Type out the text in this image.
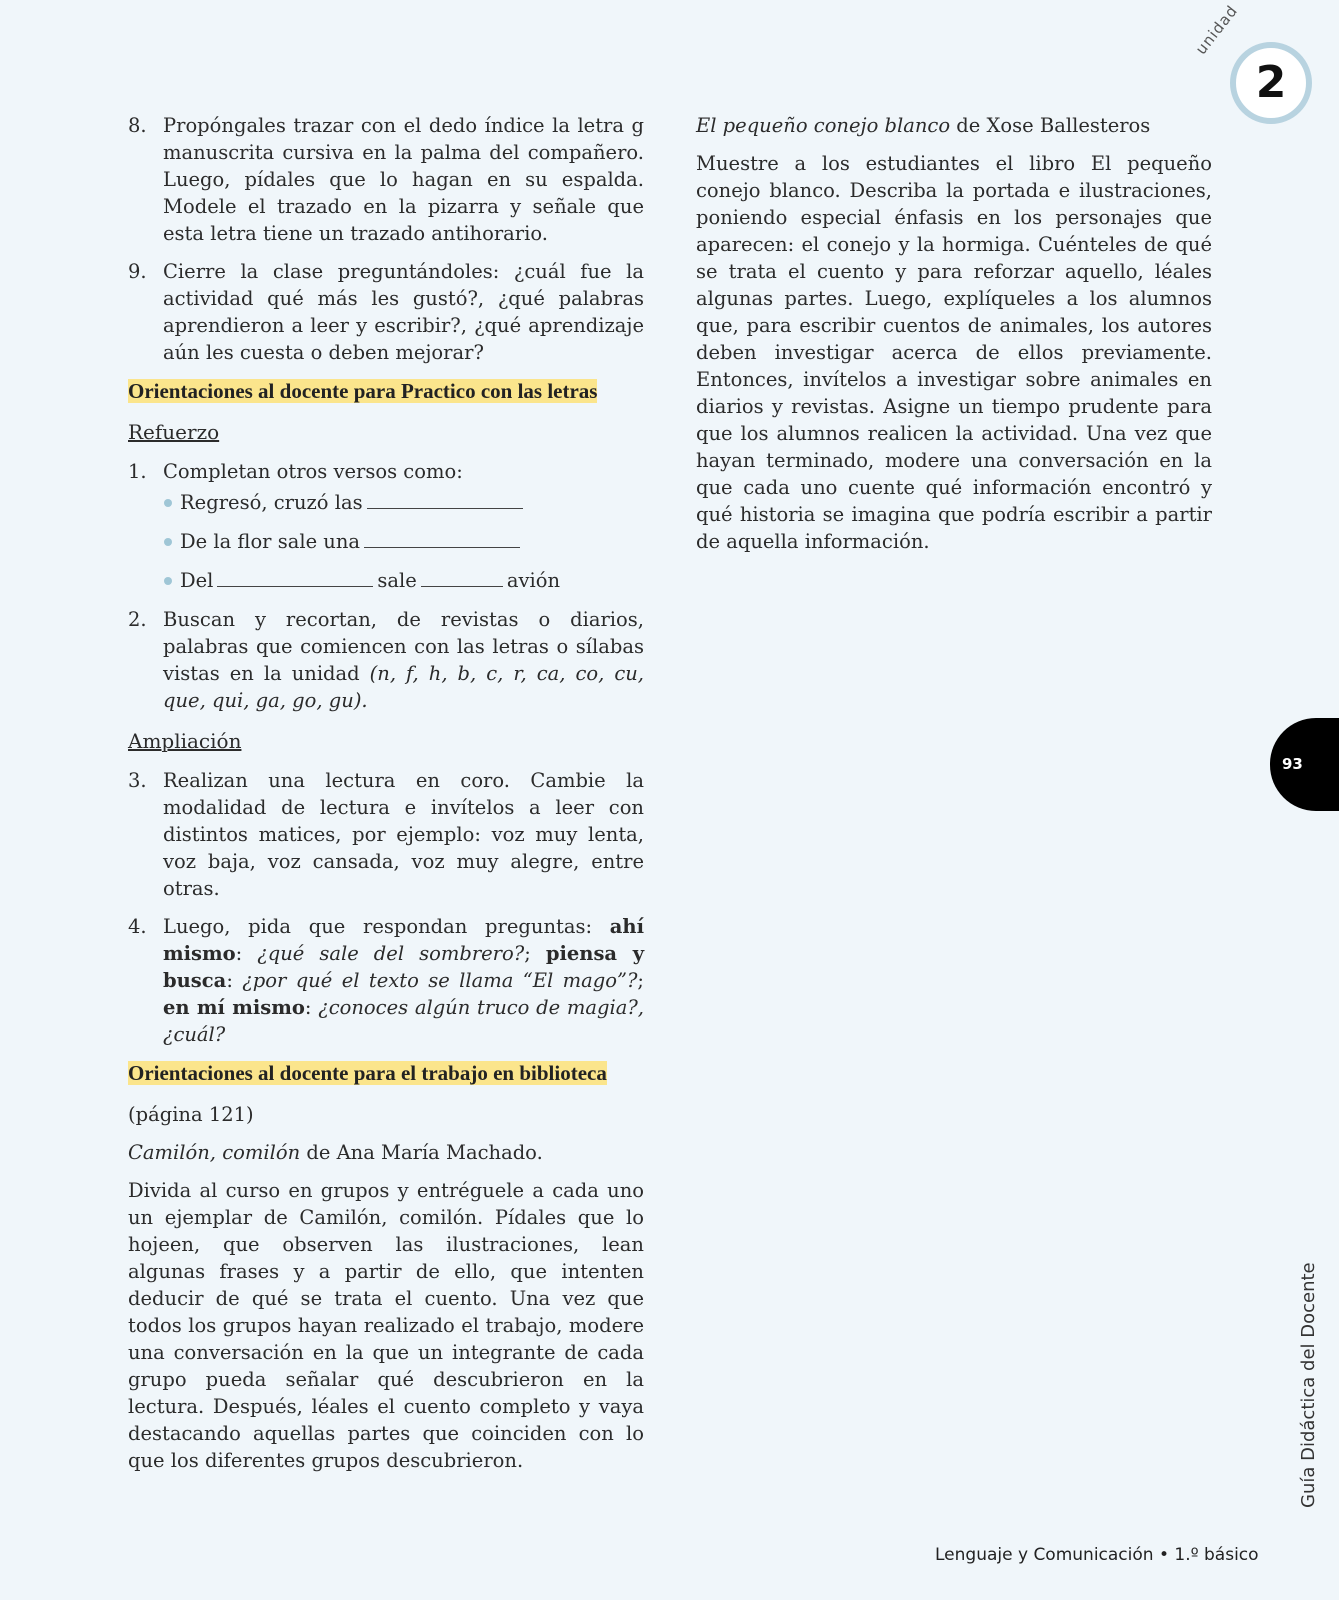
unidad
2
8. Propóngales trazar con el dedo índice la letra g manuscrita cursiva en la palma del compañero. Luego, pídales que lo hagan en su espalda. Modele el trazado en la pizarra y señale que esta letra tiene un trazado antihorario.
9. Cierre la clase preguntándoles: ¿cuál fue la actividad qué más les gustó?, ¿qué palabras aprendieron a leer y escribir?, ¿qué aprendizaje aún les cuesta o deben mejorar?
Orientaciones al docente para Practico con las letras
Refuerzo
1. Completan otros versos como:
Regresó, cruzó las
De la flor sale una
Del	sale	avión
2. Buscan y recortan, de revistas o diarios, palabras que comiencen con las letras o sílabas vistas en la unidad (n, f, h, b, c, r, ca, co, cu, que, qui, ga, go, gu).
Ampliación
3. Realizan una lectura en coro. Cambie la modalidad de lectura e invítelos a leer con distintos matices, por ejemplo: voz muy lenta, voz baja, voz cansada, voz muy alegre, entre otras.
4. Luego, pida que respondan preguntas: ahí mismo: ¿qué sale del sombrero?; piensa y busca: ¿por qué el texto se llama “El mago”?; en mí mismo: ¿conoces algún truco de magia?, ¿cuál?
Orientaciones al docente para el trabajo en biblioteca

(página 121)

Camilón, comilón de Ana María Machado.

Divida al curso en grupos y entréguele a cada uno un ejemplar de Camilón, comilón. Pídales que lo hojeen, que observen las ilustraciones, lean algunas frases y a partir de ello, que intenten deducir de qué se trata el cuento. Una vez que todos los grupos hayan realizado el trabajo, modere una conversación en la que un integrante de cada grupo pueda señalar qué descubrieron en la lectura. Después, léales el cuento completo y vaya destacando aquellas partes que coinciden con lo que los diferentes grupos descubrieron.

El pequeño conejo blanco de Xose Ballesteros

Muestre a los estudiantes el libro El pequeño conejo blanco. Describa la portada e ilustraciones, poniendo especial énfasis en los personajes que aparecen: el conejo y la hormiga. Cuénteles de qué se trata el cuento y para reforzar aquello, léales algunas partes. Luego, explíqueles a los alumnos que, para escribir cuentos de animales, los autores deben investigar acerca de ellos previamente. Entonces, invítelos a investigar sobre animales en diarios y revistas. Asigne un tiempo prudente para que los alumnos realicen la actividad. Una vez que hayan terminado, modere una conversación en la que cada uno cuente qué información encontró y qué historia se imagina que podría escribir a partir de aquella información.

93
Guía Didáctica del Docente
Lenguaje y Comunicación • 1.º básico
